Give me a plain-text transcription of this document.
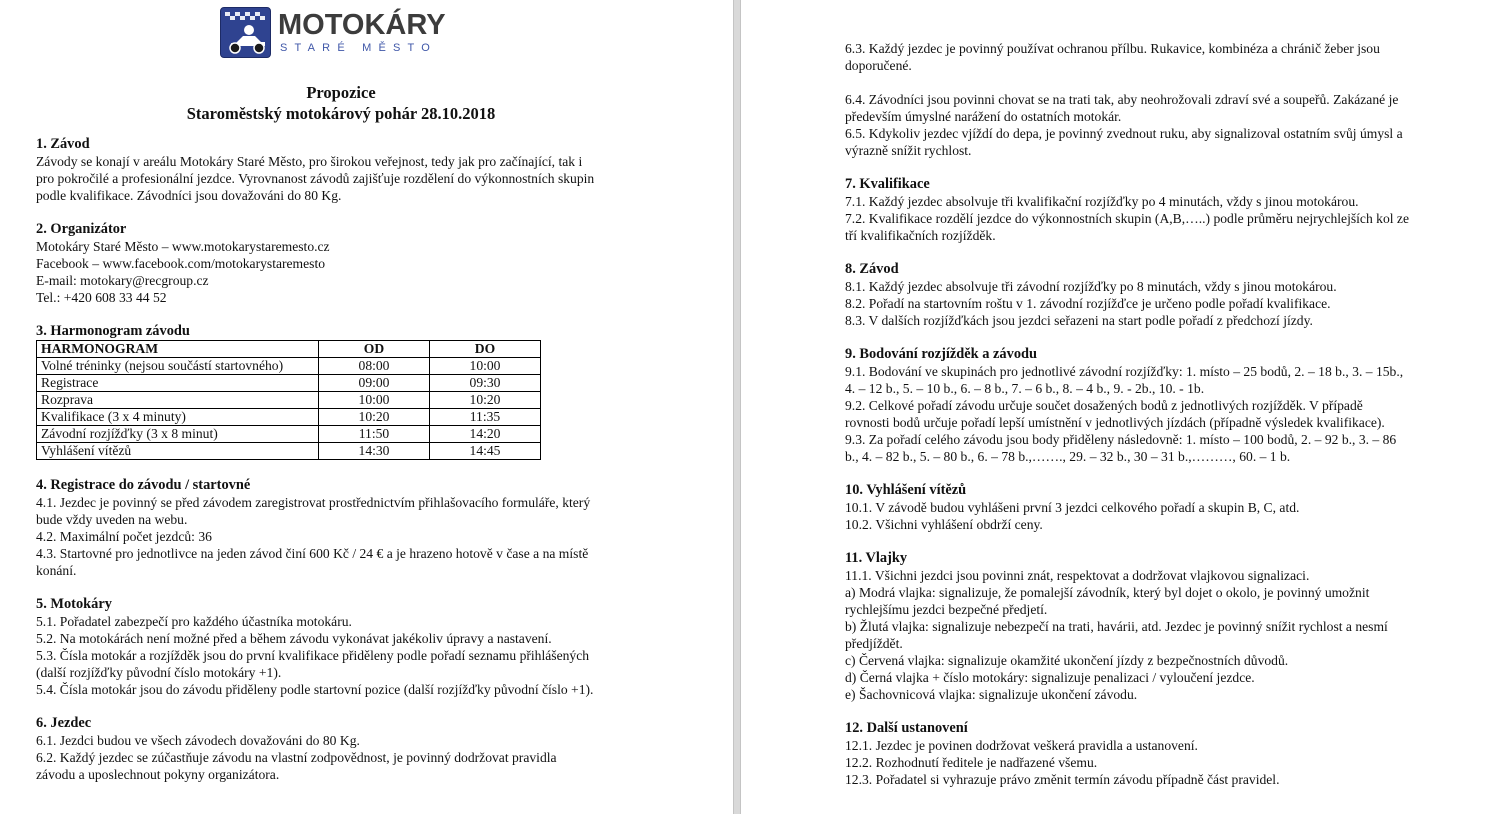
MOTOKÁRY
STARÉ MĚSTO
Propozice
Staroměstský motokárový pohár 28.10.2018
1. Závod
Závody se konají v areálu Motokáry Staré Město, pro širokou veřejnost, tedy jak pro začínající, tak i
pro pokročilé a profesionální jezdce. Vyrovnanost závodů zajišťuje rozdělení do výkonnostních skupin
podle kvalifikace. Závodníci jsou dovažováni do 80 Kg.
2. Organizátor
Motokáry Staré Město – www.motokarystaremesto.cz
Facebook – www.facebook.com/motokarystaremesto
E-mail: motokary@recgroup.cz
Tel.: +420 608 33 44 52
3. Harmonogram závodu
HARMONOGRAM	OD	DO
Volné tréninky (nejsou součástí startovného)	08:00	10:00
Registrace	09:00	09:30
Rozprava	10:00	10:20
Kvalifikace (3 x 4 minuty)	10:20	11:35
Závodní rozjížďky (3 x 8 minut)	11:50	14:20
Vyhlášení vítězů	14:30	14:45
4. Registrace do závodu / startovné
4.1. Jezdec je povinný se před závodem zaregistrovat prostřednictvím přihlašovacího formuláře, který
bude vždy uveden na webu.
4.2. Maximální počet jezdců: 36
4.3. Startovné pro jednotlivce na jeden závod činí 600 Kč / 24 € a je hrazeno hotově v čase a na místě
konání.
5. Motokáry
5.1. Pořadatel zabezpečí pro každého účastníka motokáru.
5.2. Na motokárách není možné před a během závodu vykonávat jakékoliv úpravy a nastavení.
5.3. Čísla motokár a rozjížděk jsou do první kvalifikace přiděleny podle pořadí seznamu přihlášených
(další rozjížďky původní číslo motokáry +1).
5.4. Čísla motokár jsou do závodu přiděleny podle startovní pozice (další rozjížďky původní číslo +1).
6. Jezdec
6.1. Jezdci budou ve všech závodech dovažováni do 80 Kg.
6.2. Každý jezdec se zúčastňuje závodu na vlastní zodpovědnost, je povinný dodržovat pravidla
závodu a uposlechnout pokyny organizátora.
6.3. Každý jezdec je povinný používat ochranou přílbu. Rukavice, kombinéza a chránič žeber jsou
doporučené.
6.4. Závodníci jsou povinni chovat se na trati tak, aby neohrožovali zdraví své a soupeřů. Zakázané je
především úmyslné narážení do ostatních motokár.
6.5. Kdykoliv jezdec vjíždí do depa, je povinný zvednout ruku, aby signalizoval ostatním svůj úmysl a
výrazně snížit rychlost.
7. Kvalifikace
7.1. Každý jezdec absolvuje tři kvalifikační rozjížďky po 4 minutách, vždy s jinou motokárou.
7.2. Kvalifikace rozdělí jezdce do výkonnostních skupin (A,B,…..) podle průměru nejrychlejších kol ze
tří kvalifikačních rozjížděk.
8. Závod
8.1. Každý jezdec absolvuje tři závodní rozjížďky po 8 minutách, vždy s jinou motokárou.
8.2. Pořadí na startovním roštu v 1. závodní rozjížďce je určeno podle pořadí kvalifikace.
8.3. V dalších rozjížďkách jsou jezdci seřazeni na start podle pořadí z předchozí jízdy.
9. Bodování rozjížděk a závodu
9.1. Bodování ve skupinách pro jednotlivé závodní rozjížďky: 1. místo – 25 bodů, 2. – 18 b., 3. – 15b.,
4. – 12 b., 5. – 10 b., 6. – 8 b., 7. – 6 b., 8. – 4 b., 9. - 2b., 10. - 1b.
9.2. Celkové pořadí závodu určuje součet dosažených bodů z jednotlivých rozjížděk. V případě
rovnosti bodů určuje pořadí lepší umístnění v jednotlivých jízdách (případně výsledek kvalifikace).
9.3. Za pořadí celého závodu jsou body přiděleny následovně: 1. místo – 100 bodů, 2. – 92 b., 3. – 86
b., 4. – 82 b., 5. – 80 b., 6. – 78 b.,……., 29. – 32 b., 30 – 31 b.,………, 60. – 1 b.
10. Vyhlášení vítězů
10.1. V závodě budou vyhlášeni první 3 jezdci celkového pořadí a skupin B, C, atd.
10.2. Všichni vyhlášení obdrží ceny.
11. Vlajky
11.1. Všichni jezdci jsou povinni znát, respektovat a dodržovat vlajkovou signalizaci.
a) Modrá vlajka: signalizuje, že pomalejší závodník, který byl dojet o okolo, je povinný umožnit
rychlejšímu jezdci bezpečné předjetí.
b) Žlutá vlajka: signalizuje nebezpečí na trati, havárii, atd. Jezdec je povinný snížit rychlost a nesmí
předjíždět.
c) Červená vlajka: signalizuje okamžité ukončení jízdy z bezpečnostních důvodů.
d) Černá vlajka + číslo motokáry: signalizuje penalizaci / vyloučení jezdce.
e) Šachovnicová vlajka: signalizuje ukončení závodu.
12. Další ustanovení
12.1. Jezdec je povinen dodržovat veškerá pravidla a ustanovení.
12.2. Rozhodnutí ředitele je nadřazené všemu.
12.3. Pořadatel si vyhrazuje právo změnit termín závodu případně část pravidel.
